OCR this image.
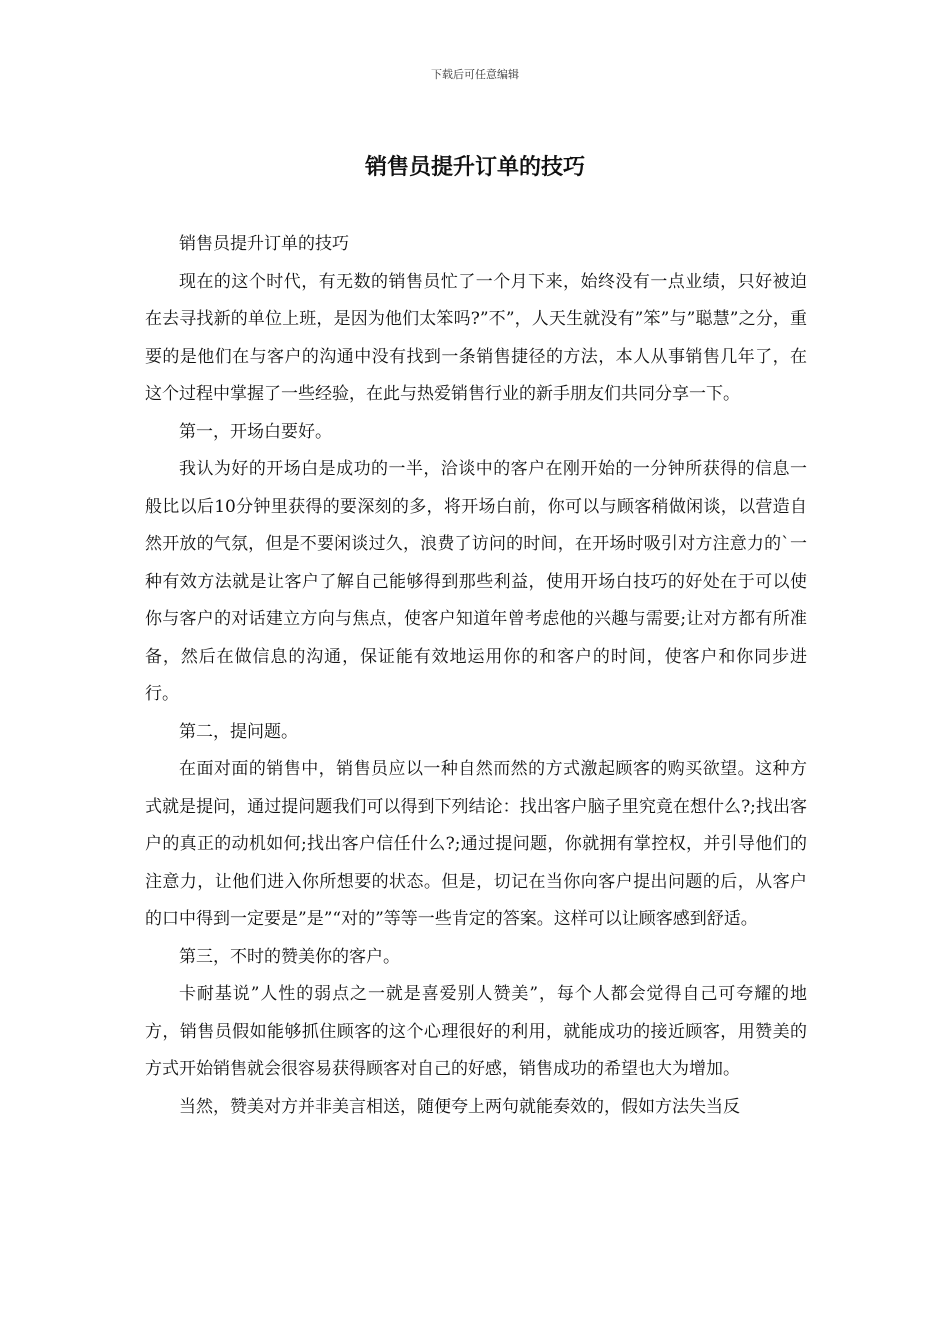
下载后可任意编辑
销售员提升订单的技巧

销售员提升订单的技巧

现在的这个时代，有无数的销售员忙了一个月下来，始终没有一点业绩，只好被迫在去寻找新的单位上班，是因为他们太笨吗?”不”，人天生就没有”笨”与”聪慧”之分，重要的是他们在与客户的沟通中没有找到一条销售捷径的方法，本人从事销售几年了，在这个过程中掌握了一些经验，在此与热爱销售行业的新手朋友们共同分享一下。

第一，开场白要好。

我认为好的开场白是成功的一半，洽谈中的客户在刚开始的一分钟所获得的信息一般比以后10分钟里获得的要深刻的多，将开场白前，你可以与顾客稍做闲谈，以营造自然开放的气氛，但是不要闲谈过久，浪费了访问的时间，在开场时吸引对方注意力的`一种有效方法就是让客户了解自己能够得到那些利益，使用开场白技巧的好处在于可以使你与客户的对话建立方向与焦点，使客户知道年曾考虑他的兴趣与需要;让对方都有所准备，然后在做信息的沟通，保证能有效地运用你的和客户的时间，使客户和你同步进行。

第二，提问题。

在面对面的销售中，销售员应以一种自然而然的方式激起顾客的购买欲望。这种方式就是提问，通过提问题我们可以得到下列结论：找出客户脑子里究竟在想什么?;找出客户的真正的动机如何;找出客户信任什么?;通过提问题，你就拥有掌控权，并引导他们的注意力，让他们进入你所想要的状态。但是，切记在当你向客户提出问题的后，从客户的口中得到一定要是”是”“对的”等等一些肯定的答案。这样可以让顾客感到舒适。

第三，不时的赞美你的客户。

卡耐基说”人性的弱点之一就是喜爱别人赞美”，每个人都会觉得自己可夸耀的地方，销售员假如能够抓住顾客的这个心理很好的利用，就能成功的接近顾客，用赞美的方式开始销售就会很容易获得顾客对自己的好感，销售成功的希望也大为增加。

当然，赞美对方并非美言相送，随便夸上两句就能奏效的，假如方法失当反
